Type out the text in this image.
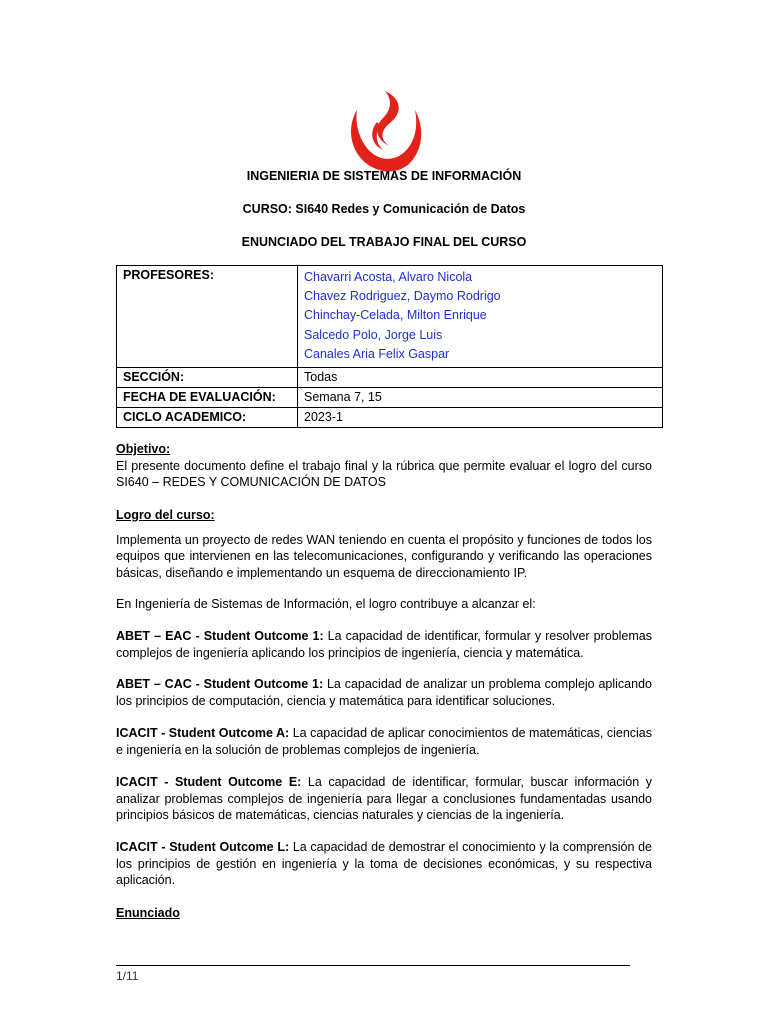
INGENIERIA DE SISTEMAS DE INFORMACIÓN
CURSO: SI640 Redes y Comunicación de Datos
ENUNCIADO DEL TRABAJO FINAL DEL CURSO
PROFESORES:	Chavarri Acosta, Alvaro Nicola
Chavez Rodriguez, Daymo Rodrigo
Chinchay-Celada, Milton Enrique
Salcedo Polo, Jorge Luis
Canales Aria Felix Gaspar

SECCIÓN:	Todas
FECHA DE EVALUACIÓN:	Semana 7, 15
CICLO ACADEMICO:	2023-1
Objetivo:
El presente documento define el trabajo final y la rúbrica que permite evaluar el logro del curso SI640 – REDES Y COMUNICACIÓN DE DATOS
Logro del curso:
Implementa un proyecto de redes WAN teniendo en cuenta el propósito y funciones de todos los equipos que intervienen en las telecomunicaciones, configurando y verificando las operaciones básicas, diseñando e implementando un esquema de direccionamiento IP.
En Ingeniería de Sistemas de Información, el logro contribuye a alcanzar el:
ABET – EAC - Student Outcome 1: La capacidad de identificar, formular y resolver problemas complejos de ingeniería aplicando los principios de ingeniería, ciencia y matemática.
ABET – CAC - Student Outcome 1: La capacidad de analizar un problema complejo aplicando los principios de computación, ciencia y matemática para identificar soluciones.
ICACIT - Student Outcome A: La capacidad de aplicar conocimientos de matemáticas, ciencias e ingeniería en la solución de problemas complejos de ingeniería.
ICACIT - Student Outcome E: La capacidad de identificar, formular, buscar información y analizar problemas complejos de ingeniería para llegar a conclusiones fundamentadas usando principios básicos de matemáticas, ciencias naturales y ciencias de la ingeniería.
ICACIT - Student Outcome L: La capacidad de demostrar el conocimiento y la comprensión de los principios de gestión en ingeniería y la toma de decisiones económicas, y su respectiva aplicación.
Enunciado
1/11
